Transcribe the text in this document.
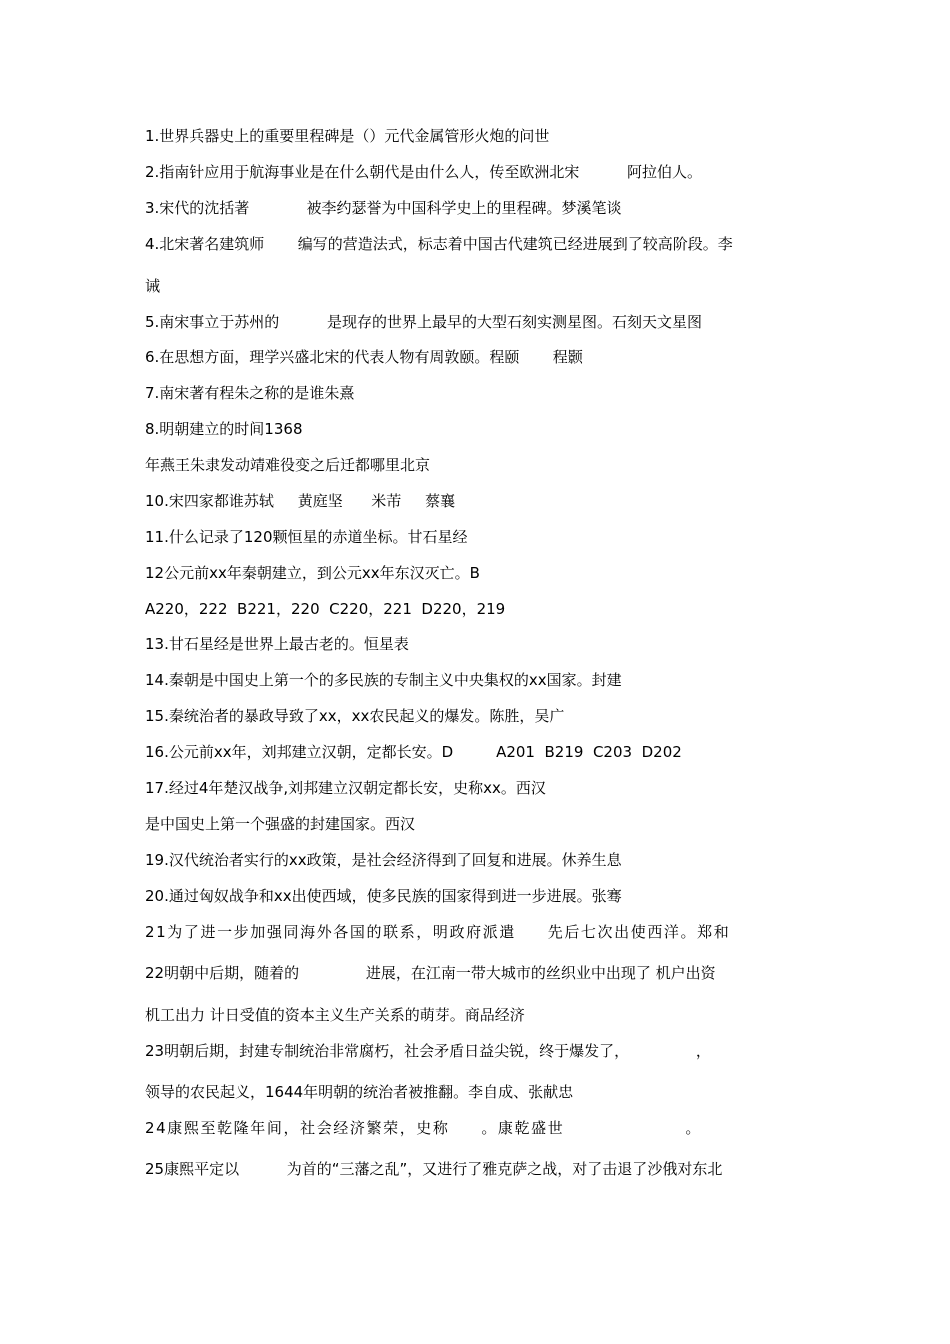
1.世界兵器史上的重要里程碑是（）元代金属管形火炮的问世
2.指南针应用于航海事业是在什么朝代是由什么人，传至欧洲北宋          阿拉伯人。
3.宋代的沈括著            被李约瑟誉为中国科学史上的里程碑。梦溪笔谈
4.北宋著名建筑师       编写的营造法式，标志着中国古代建筑已经进展到了较高阶段。李
诫
5.南宋事立于苏州的          是现存的世界上最早的大型石刻实测星图。石刻天文星图
6.在思想方面，理学兴盛北宋的代表人物有周敦颐。程颐       程颢
7.南宋著有程朱之称的是谁朱熹
8.明朝建立的时间1368
年燕王朱隶发动靖难役变之后迁都哪里北京
10.宋四家都谁苏轼     黄庭坚      米芾     蔡襄
11.什么记录了120颗恒星的赤道坐标。甘石星经
12公元前xx年秦朝建立，到公元xx年东汉灭亡。B
A220，222  B221，220  C220，221  D220，219
13.甘石星经是世界上最古老的。恒星表
14.秦朝是中国史上第一个的多民族的专制主义中央集权的xx国家。封建
15.秦统治者的暴政导致了xx，xx农民起义的爆发。陈胜，吴广
16.公元前xx年，刘邦建立汉朝，定都长安。D         A201  B219  C203  D202
17.经过4年楚汉战争,刘邦建立汉朝定都长安，史称xx。西汉
是中国史上第一个强盛的封建国家。西汉
19.汉代统治者实行的xx政策，是社会经济得到了回复和进展。休养生息
20.通过匈奴战争和xx出使西域，使多民族的国家得到进一步进展。张骞
21为了进一步加强同海外各国的联系，明政府派遣     先后七次出使西洋。郑和
22明朝中后期，随着的              进展，在江南一带大城市的丝织业中出现了 机户出资
机工出力 计日受值的资本主义生产关系的萌芽。商品经济
23明朝后期，封建专制统治非常腐朽，社会矛盾日益尖锐，终于爆发了，              ，
领导的农民起义，1644年明朝的统治者被推翻。李自成、张献忠
24康熙至乾隆年间，社会经济繁荣，史称     。康乾盛世                   。
25康熙平定以          为首的“三藩之乱”，又进行了雅克萨之战，对了击退了沙俄对东北
